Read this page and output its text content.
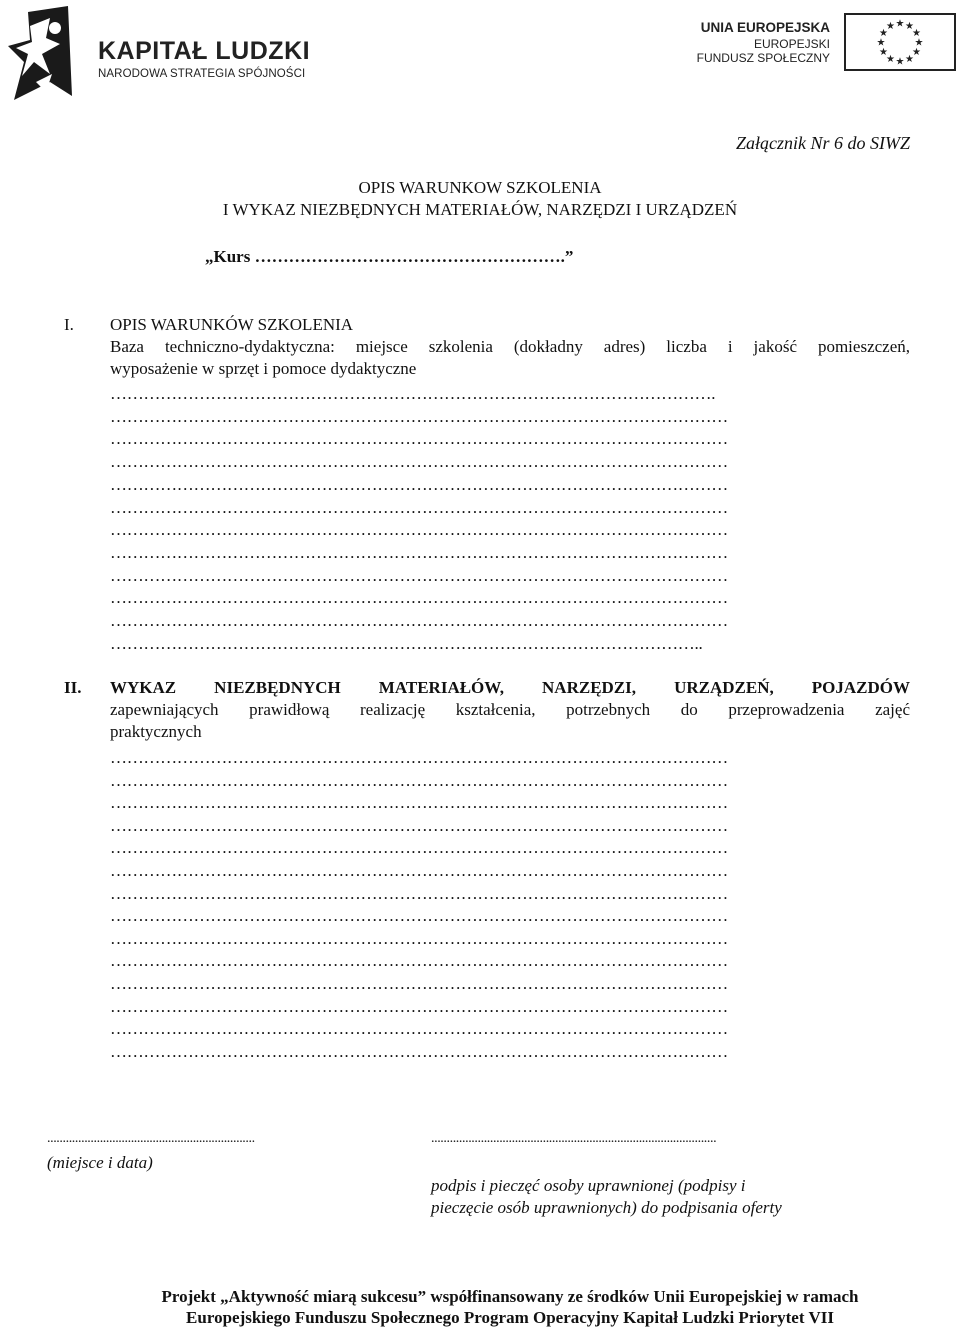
KAPITAŁ LUDZKI
NARODOWA STRATEGIA SPÓJNOŚCI
UNIA EUROPEJSKA
EUROPEJSKI
FUNDUSZ SPOŁECZNY
★ ★
★
★
★
★
★
★
★
★
★
★
Załącznik Nr 6 do SIWZ
OPIS WARUNKOW SZKOLENIA
I WYKAZ NIEZBĘDNYCH MATERIAŁÓW, NARZĘDZI I URZĄDZEŃ
„Kurs ……………………………………………….”
I. OPIS WARUNKÓW SZKOLENIA
Baza techniczno-dydaktyczna: miejsce szkolenia (dokładny adres) liczba i jakość pomieszczeń,
wyposażenie w sprzęt i pomoce dydaktyczne
II. WYKAZ NIEZBĘDNYCH MATERIAŁÓW, NARZĘDZI, URZĄDZEŃ, POJAZDÓW
zapewniających prawidłową realizację kształcenia, potrzebnych do przeprowadzenia zajęć
praktycznych
...................................................................
(miejsce i data)
............................................................................................
podpis i pieczęć osoby uprawnionej (podpisy i
pieczęcie osób uprawnionych) do podpisania oferty
Projekt „Aktywność miarą sukcesu” współfinansowany ze środków Unii Europejskiej w ramach
Europejskiego Funduszu Społecznego Program Operacyjny Kapitał Ludzki Priorytet VII
……………………………………………………………………………………………….
…………………………………………………………………………………………………
…………………………………………………………………………………………………
…………………………………………………………………………………………………
…………………………………………………………………………………………………
…………………………………………………………………………………………………
…………………………………………………………………………………………………
…………………………………………………………………………………………………
…………………………………………………………………………………………………
…………………………………………………………………………………………………
…………………………………………………………………………………………………
……………………………………………………………………………………………..
…………………………………………………………………………………………………
…………………………………………………………………………………………………
…………………………………………………………………………………………………
…………………………………………………………………………………………………
…………………………………………………………………………………………………
…………………………………………………………………………………………………
…………………………………………………………………………………………………
…………………………………………………………………………………………………
…………………………………………………………………………………………………
…………………………………………………………………………………………………
…………………………………………………………………………………………………
…………………………………………………………………………………………………
…………………………………………………………………………………………………
…………………………………………………………………………………………………
